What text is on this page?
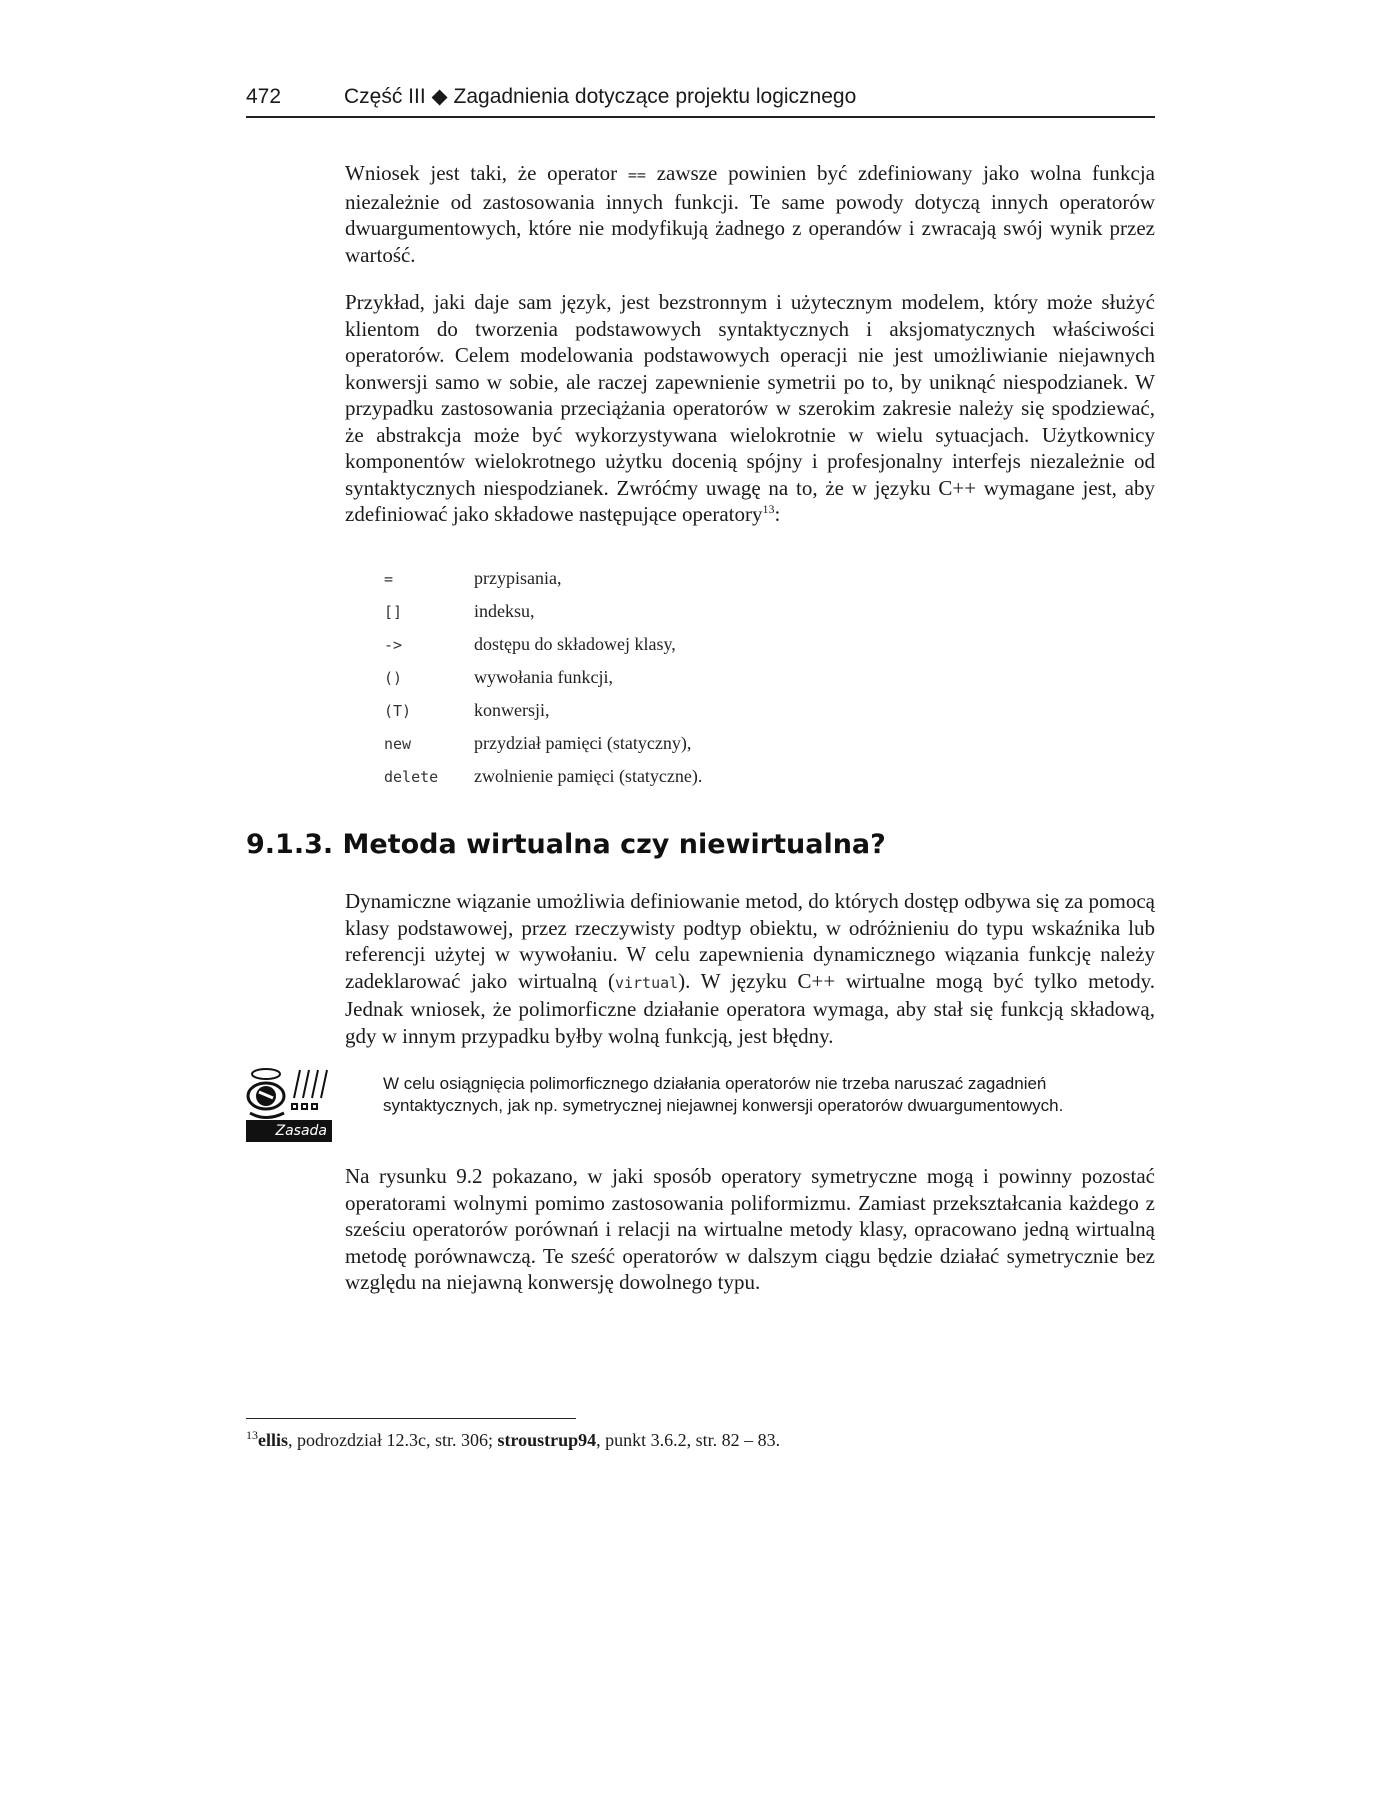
472	Część III ◆ Zagadnienia dotyczące projektu logicznego

Wniosek jest taki, że operator == zawsze powinien być zdefiniowany jako wolna funkcja niezależnie od zastosowania innych funkcji. Te same powody dotyczą innych operatorów dwuargumentowych, które nie modyfikują żadnego z operandów i zwracają swój wynik przez wartość.

Przykład, jaki daje sam język, jest bezstronnym i użytecznym modelem, który może służyć klientom do tworzenia podstawowych syntaktycznych i aksjomatycznych właściwości operatorów. Celem modelowania podstawowych operacji nie jest umożliwianie niejawnych konwersji samo w sobie, ale raczej zapewnienie symetrii po to, by uniknąć niespodzianek. W przypadku zastosowania przeciążania operatorów w szerokim zakresie należy się spodziewać, że abstrakcja może być wykorzystywana wielokrotnie w wielu sytuacjach. Użytkownicy komponentów wielokrotnego użytku docenią spójny i profesjonalny interfejs niezależnie od syntaktycznych niespodzianek. Zwróćmy uwagę na to, że w języku C++ wymagane jest, aby zdefiniować jako składowe następujące operatory$^{13}$:

=	przypisania,
[]	indeksu,
->	dostępu do składowej klasy,
()	wywołania funkcji,
(T)	konwersji,
new	przydział pamięci (statyczny),
delete	zwolnienie pamięci (statyczne).
9.1.3. Metoda wirtualna czy niewirtualna?

Dynamiczne wiązanie umożliwia definiowanie metod, do których dostęp odbywa się za pomocą klasy podstawowej, przez rzeczywisty podtyp obiektu, w odróżnieniu do typu wskaźnika lub referencji użytej w wywołaniu. W celu zapewnienia dynamicznego wiązania funkcję należy zadeklarować jako wirtualną (virtual). W języku C++ wirtualne mogą być tylko metody. Jednak wniosek, że polimorficzne działanie operatora wymaga, aby stał się funkcją składową, gdy w innym przypadku byłby wolną funkcją, jest błędny.

Zasada

W celu osiągnięcia polimorficznego działania operatorów nie trzeba naruszać zagadnień syntaktycznych, jak np. symetrycznej niejawnej konwersji operatorów dwuargumentowych.

Na rysunku 9.2 pokazano, w jaki sposób operatory symetryczne mogą i powinny pozostać operatorami wolnymi pomimo zastosowania poliformizmu. Zamiast przekształcania każdego z sześciu operatorów porównań i relacji na wirtualne metody klasy, opracowano jedną wirtualną metodę porównawczą. Te sześć operatorów w dalszym ciągu będzie działać symetrycznie bez względu na niejawną konwersję dowolnego typu.

$^{13}$ellis, podrozdział 12.3c, str. 306; stroustrup94, punkt 3.6.2, str. 82 – 83.
